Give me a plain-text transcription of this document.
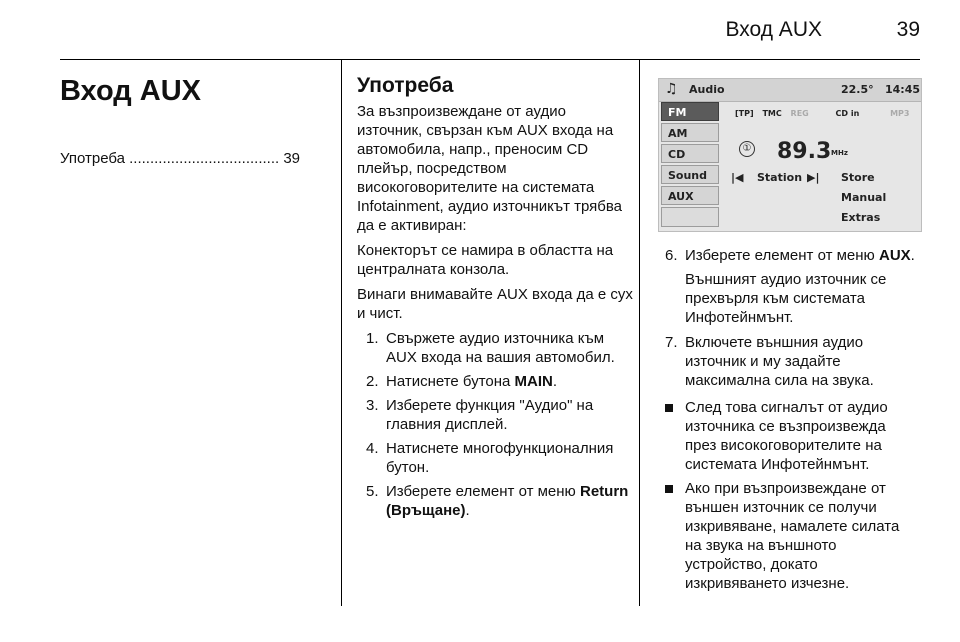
Вход AUX	39
Вход AUX
Употреба .................................... 39
Употреба

За възпроизвеждане от аудио източник, свързан към AUX входа на автомобила, напр., преносим CD плейър, посредством високоговорителите на системата Infotainment, аудио източникът трябва да е активиран:

Конекторът се намира в областта на централната конзола.

Винаги внимавайте AUX входа да е сух и чист.

1. Свържете аудио източника към AUX входа на вашия автомобил.
2. Натиснете бутона MAIN.
3. Изберете функция "Аудио" на главния дисплей.
4. Натиснете многофункционалния бутон.
5. Изберете елемент от меню Return (Връщане).
♫ Audio	22.5° 14:45
FM
AM
CD
Sound
AUX
[TP] TMC REG	CD in	MP3
① 89.3 MHz
|◀ Station ▶| Store
Manual
Extras
6. Изберете елемент от меню AUX.

Външният аудио източник се прехвърля към системата Инфотейнмънт.

7. Включете външния аудио източник и му задайте максимална сила на звука.
След това сигналът от аудио източника се възпроизвежда през високоговорителите на системата Инфотейнмънт.
Ако при възпроизвеждане от външен източник се получи изкривяване, намалете силата на звука на външното устройство, докато изкривяването изчезне.
